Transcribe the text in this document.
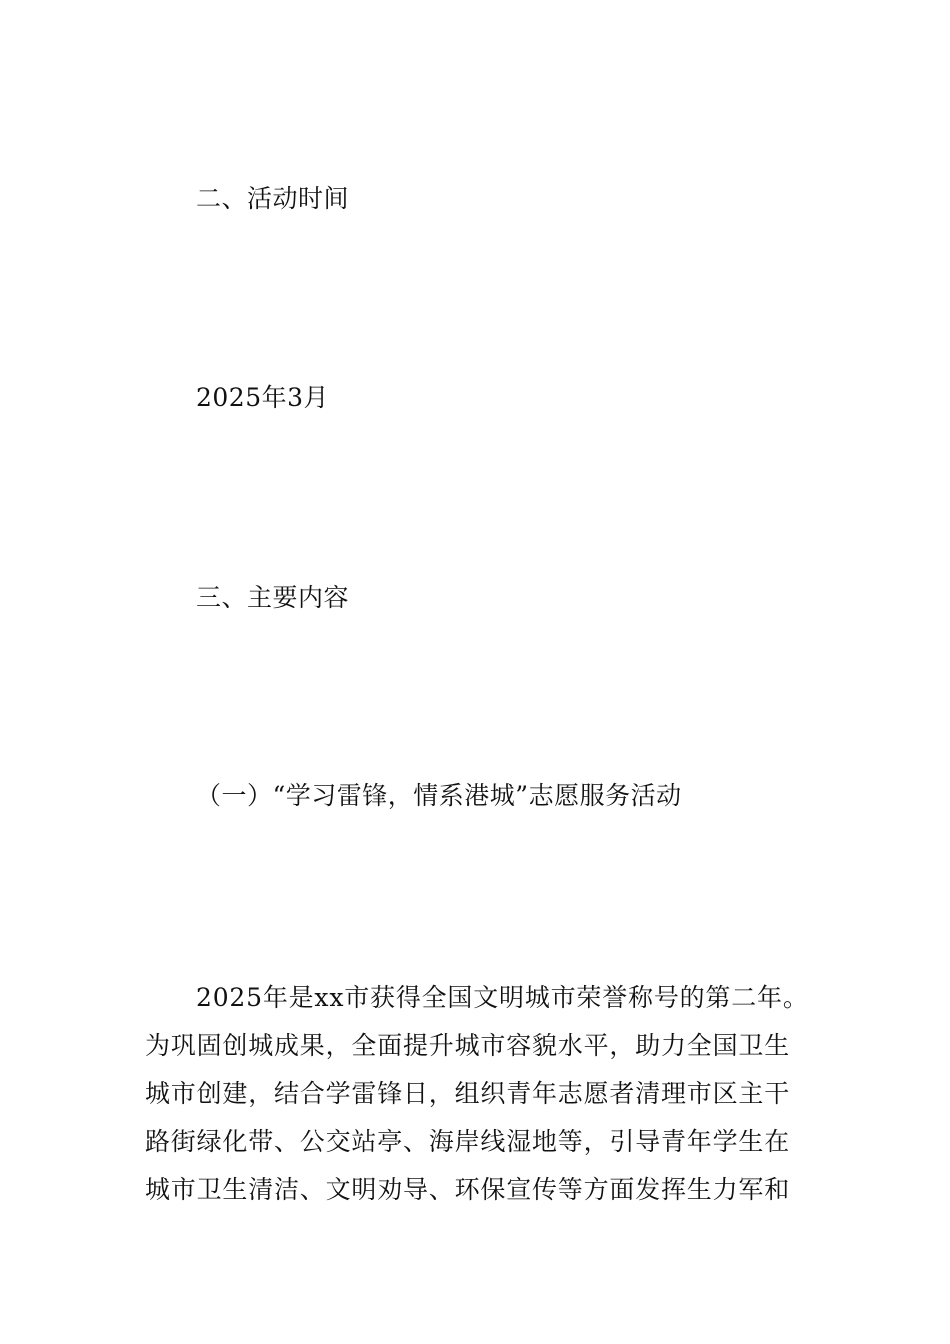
二、活动时间
2025年3月
三、主要内容
（一）“学习雷锋，情系港城”志愿服务活动
2025年是xx市获得全国文明城市荣誉称号的第二年。
为巩固创城成果，全面提升城市容貌水平，助力全国卫生
城市创建，结合学雷锋日，组织青年志愿者清理市区主干
路街绿化带、公交站亭、海岸线湿地等，引导青年学生在
城市卫生清洁、文明劝导、环保宣传等方面发挥生力军和
